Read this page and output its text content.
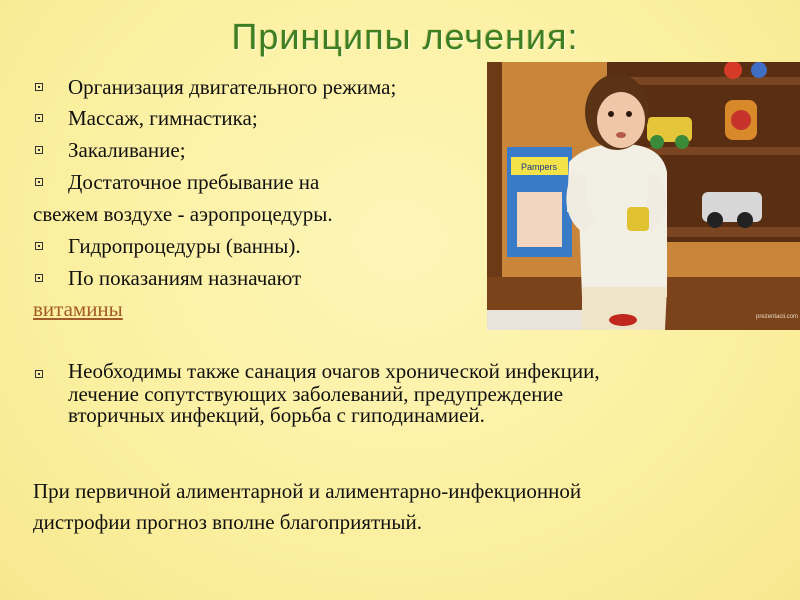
Принципы лечения:
Pampers
prezentacii.com
Организация двигательного режима;
Массаж, гимнастика;
Закаливание;
Достаточное пребывание на
свежем воздухе - аэропроцедуры.
Гидропроцедуры (ванны).
По показаниям назначают
витамины
Необходимы также санация очагов хронической инфекции,
лечение сопутствующих заболеваний, предупреждение
вторичных инфекций, борьба с гиподинамией.
При первичной алиментарной и алиментарно-инфекционной
дистрофии прогноз вполне благоприятный.
